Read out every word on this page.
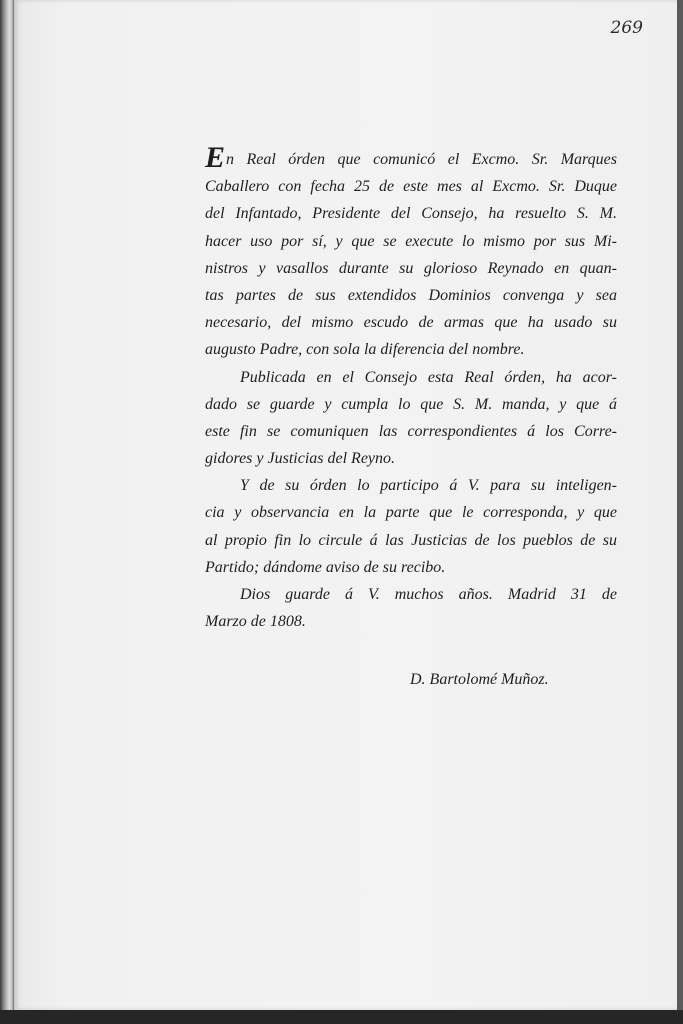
269
En Real órden que comunicó el Excmo. Sr. Marques
Caballero con fecha 25 de este mes al Excmo. Sr. Duque
del Infantado, Presidente del Consejo, ha resuelto S. M.
hacer uso por sí, y que se execute lo mismo por sus Mi-
nistros y vasallos durante su glorioso Reynado en quan-
tas partes de sus extendidos Dominios convenga y sea
necesario, del mismo escudo de armas que ha usado su
augusto Padre, con sola la diferencia del nombre.
Publicada en el Consejo esta Real órden, ha acor-
dado se guarde y cumpla lo que S. M. manda, y que á
este fin se comuniquen las correspondientes á los Corre-
gidores y Justicias del Reyno.
Y de su órden lo participo á V. para su inteligen-
cia y observancia en la parte que le corresponda, y que
al propio fin lo circule á las Justicias de los pueblos de su
Partido; dándome aviso de su recibo.
Dios guarde á V. muchos años. Madrid 31 de
Marzo de 1808.
D. Bartolomé Muñoz.
